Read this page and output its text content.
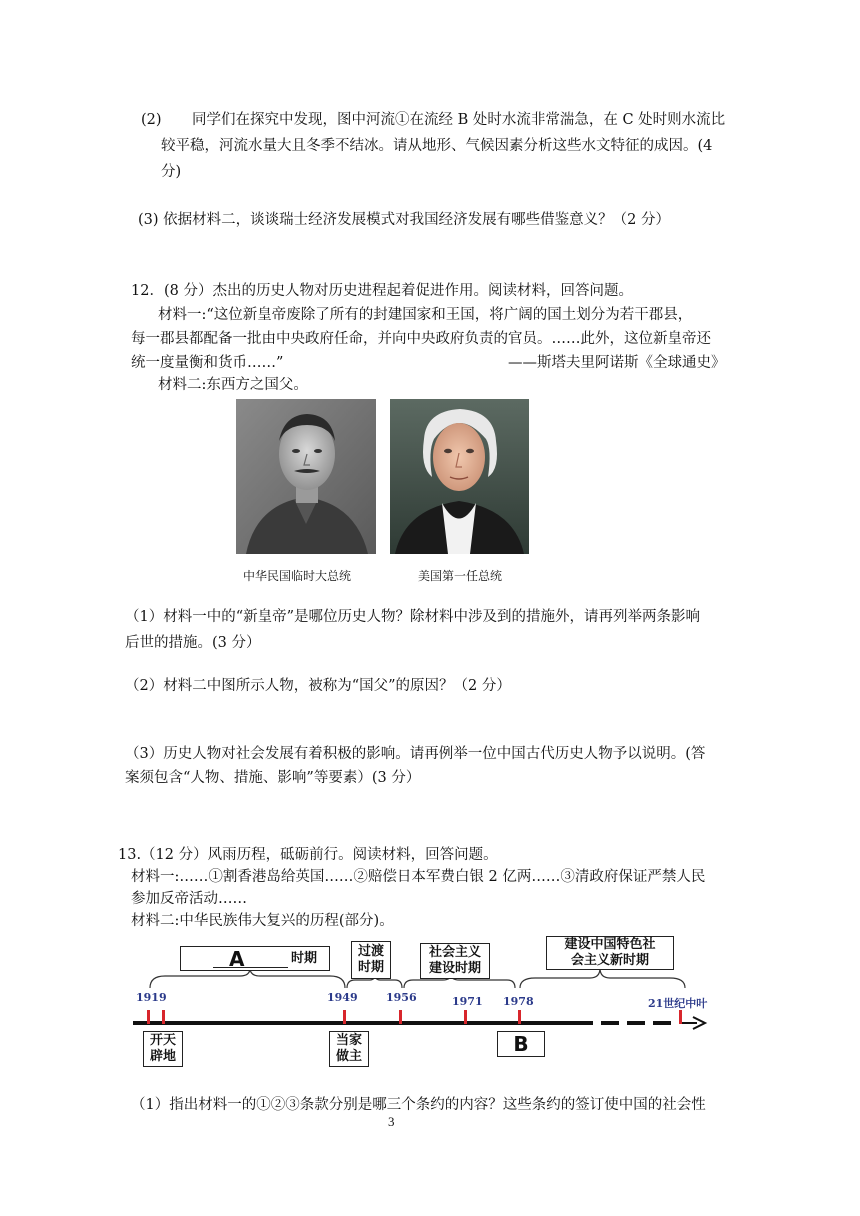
(2) 同学们在探究中发现，图中河流①在流经 B 处时水流非常湍急，在 C 处时则水流比
较平稳，河流水量大且冬季不结冰。请从地形、气候因素分析这些水文特征的成因。(4
分)
(3) 依据材料二，谈谈瑞士经济发展模式对我国经济发展有哪些借鉴意义？（2 分）
12．(8 分）杰出的历史人物对历史进程起着促进作用。阅读材料，回答问题。
材料一:“这位新皇帝废除了所有的封建国家和王国，将广阔的国土划分为若干郡县，
每一郡县都配备一批由中央政府任命，并向中央政府负责的官员。……此外，这位新皇帝还
统一度量衡和货币……”	——斯塔夫里阿诺斯《全球通史》
材料二:东西方之国父。
中华民国临时大总统	美国第一任总统
（1）材料一中的“新皇帝”是哪位历史人物？除材料中涉及到的措施外，请再列举两条影响
后世的措施。(3 分）
（2）材料二中图所示人物，被称为“国父”的原因？（2 分）
（3）历史人物对社会发展有着积极的影响。请再例举一位中国古代历史人物予以说明。(答
案须包含“人物、措施、影响”等要素）(3 分）
13.（12 分）风雨历程，砥砺前行。阅读材料，回答问题。
材料一:……①割香港岛给英国……②赔偿日本军费白银 2 亿两……③清政府保证严禁人民
参加反帝活动……
材料二:中华民族伟大复兴的历程(部分)。
1919	1949	1956	1971 1978	21世纪中叶
A	时期	过渡
时期
社会主义
建设时期
建设中国特色社
会主义新时期
开天
辟地
当家
做主
B
（1）指出材料一的①②③条款分别是哪三个条约的内容？这些条约的签订使中国的社会性
3
